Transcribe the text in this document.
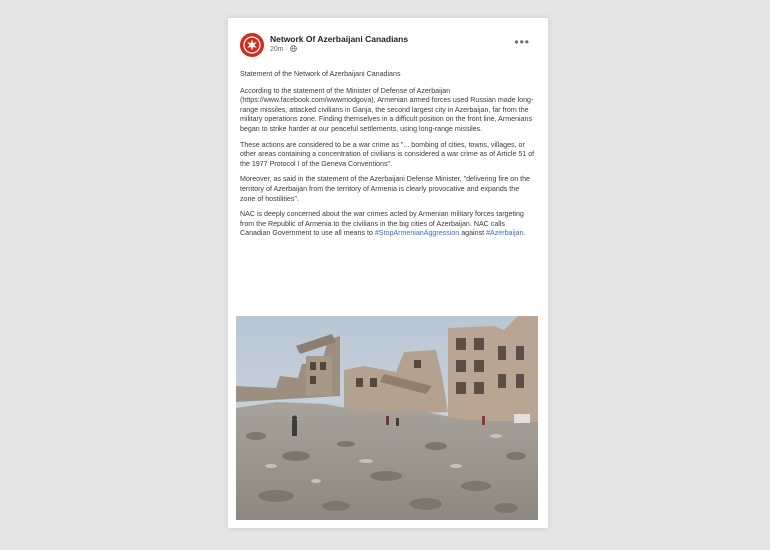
Network Of Azerbaijani Canadians
20m ·
•••

Statement of the Network of Azerbaijani Canadians

According to the statement of the Minister of Defense of Azerbaijan (https://www.facebook.com/wwwmodgova), Armenian armed forces used Russian made long-range missiles, attacked civilians in Ganja, the second largest city in Azerbaijan, far from the military operations zone. Finding themselves in a difficult position on the front line, Armenians began to strike harder at our peaceful settlements, using long-range missiles.

These actions are considered to be a war crime as "... bombing of cities, towns, villages, or other areas containing a concentration of civilians is considered a war crime as of Article 51 of the 1977 Protocol I of the Geneva Conventions".

Moreover, as said in the statement of the Azerbaijani Defense Minister, "delivering fire on the territory of Azerbaijan from the territory of Armenia is clearly provocative and expands the zone of hostilities".

NAC is deeply concerned about the war crimes acted by Armenian military forces targeting from the Republic of Armenia to the civilians in the big cities of Azerbaijan. NAC calls Canadian Government to use all means to #StopArmenianAggression against #Azerbaijan.
